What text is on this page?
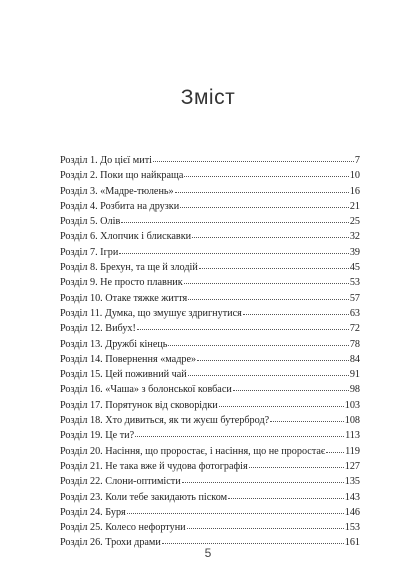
Зміст
Розділ 1. До цієї миті	7
Розділ 2. Поки що найкраща	10
Розділ 3. «Мадре-тюлень»	16
Розділ 4. Розбита на друзки	21
Розділ 5. Олів	25
Розділ 6. Хлопчик і блискавки	32
Розділ 7. Ігри	39
Розділ 8. Брехун, та ще й злодій	45
Розділ 9. Не просто плавник	53
Розділ 10. Отаке тяжке життя	57
Розділ 11. Думка, що змушує здригнутися	63
Розділ 12. Вибух!	72
Розділ 13. Дружбі кінець	78
Розділ 14. Повернення «мадре»	84
Розділ 15. Цей поживний чай	91
Розділ 16. «Чаша» з болонської ковбаси	98
Розділ 17. Порятунок від сковорідки	103
Розділ 18. Хто дивиться, як ти жуєш бутерброд?	108
Розділ 19. Це ти?	113
Розділ 20. Насіння, що проростає, і насіння, що не проростає 119
Розділ 21. Не така вже й чудова фотографія	127
Розділ 22. Слони-оптимісти	135
Розділ 23. Коли тебе закидають піском	143
Розділ 24. Буря	146
Розділ 25. Колесо нефортуни	153
Розділ 26. Трохи драми	161
5
